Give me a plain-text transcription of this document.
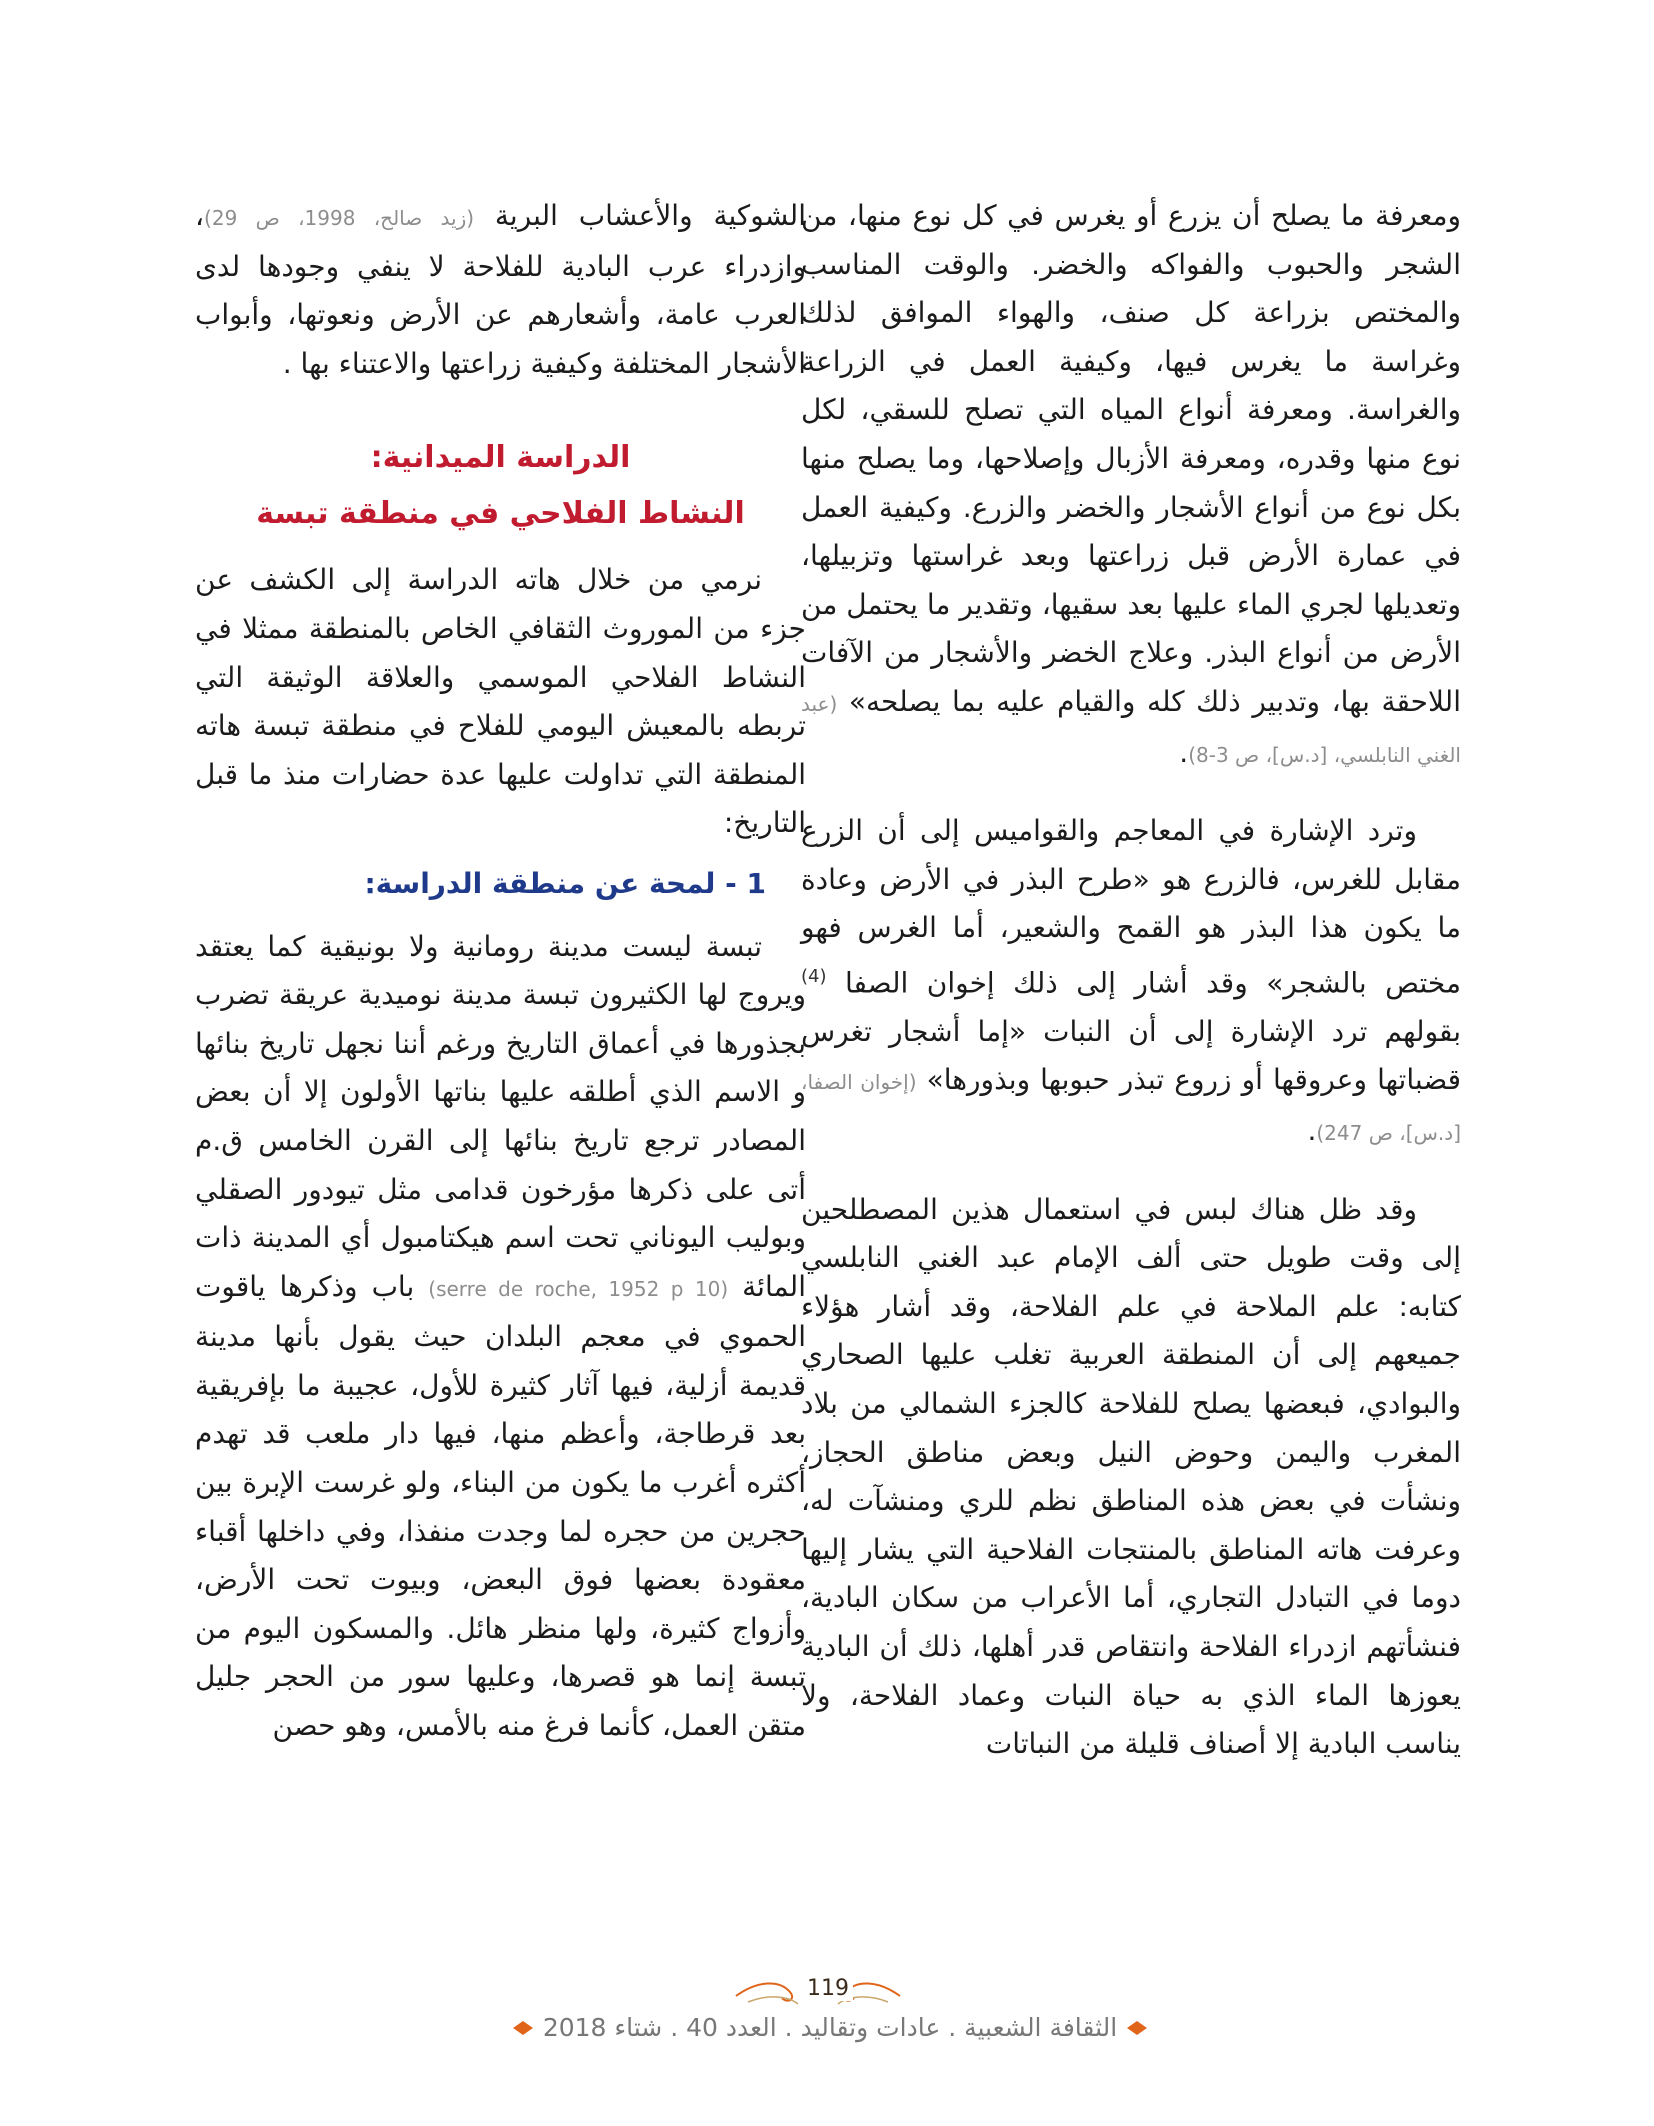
ومعرفة ما يصلح أن يزرع أو يغرس في كل نوع منها، من الشجر والحبوب والفواكه والخضر. والوقت المناسب والمختص بزراعة كل صنف، والهواء الموافق لذلك وغراسة ما يغرس فيها، وكيفية العمل في الزراعة والغراسة. ومعرفة أنواع المياه التي تصلح للسقي، لكل نوع منها وقدره، ومعرفة الأزبال وإصلاحها، وما يصلح منها بكل نوع من أنواع الأشجار والخضر والزرع. وكيفية العمل في عمارة الأرض قبل زراعتها وبعد غراستها وتزبيلها، وتعديلها لجري الماء عليها بعد سقيها، وتقدير ما يحتمل من الأرض من أنواع البذر. وعلاج الخضر والأشجار من الآفات اللاحقة بها، وتدبير ذلك كله والقيام عليه بما يصلحه» (عبد الغني النابلسي، [د.س]، ص 3-8).

وترد الإشارة في المعاجم والقواميس إلى أن الزرع مقابل للغرس، فالزرع هو «طرح البذر في الأرض وعادة ما يكون هذا البذر هو القمح والشعير، أما الغرس فهو مختص بالشجر» وقد أشار إلى ذلك إخوان الصفا $^{(4)}$ بقولهم ترد الإشارة إلى أن النبات «إما أشجار تغرس قضباتها وعروقها أو زروع تبذر حبوبها وبذورها» (إخوان الصفا، [د.س]، ص 247).

وقد ظل هناك لبس في استعمال هذين المصطلحين إلى وقت طويل حتى ألف الإمام عبد الغني النابلسي كتابه: علم الملاحة في علم الفلاحة، وقد أشار هؤلاء جميعهم إلى أن المنطقة العربية تغلب عليها الصحاري والبوادي، فبعضها يصلح للفلاحة كالجزء الشمالي من بلاد المغرب واليمن وحوض النيل وبعض مناطق الحجاز، ونشأت في بعض هذه المناطق نظم للري ومنشآت له، وعرفت هاته المناطق بالمنتجات الفلاحية التي يشار إليها دوما في التبادل التجاري، أما الأعراب من سكان البادية، فنشأتهم ازدراء الفلاحة وانتقاص قدر أهلها، ذلك أن البادية يعوزها الماء الذي به حياة النبات وعماد الفلاحة، ولا يناسب البادية إلا أصناف قليلة من النباتات

الشوكية والأعشاب البرية (زيد صالح، 1998، ص 29)، وازدراء عرب البادية للفلاحة لا ينفي وجودها لدى العرب عامة، وأشعارهم عن الأرض ونعوتها، وأبواب الأشجار المختلفة وكيفية زراعتها والاعتناء بها .

الدراسة الميدانية:

النشاط الفلاحي في منطقة تبسة

نرمي من خلال هاته الدراسة إلى الكشف عن جزء من الموروث الثقافي الخاص بالمنطقة ممثلا في النشاط الفلاحي الموسمي والعلاقة الوثيقة التي تربطه بالمعيش اليومي للفلاح في منطقة تبسة هاته المنطقة التي تداولت عليها عدة حضارات منذ ما قبل التاريخ:

1 - لمحة عن منطقة الدراسة:

تبسة ليست مدينة رومانية ولا بونيقية كما يعتقد ويروج لها الكثيرون تبسة مدينة نوميدية عريقة تضرب بجذورها في أعماق التاريخ ورغم أننا نجهل تاريخ بنائها و الاسم الذي أطلقه عليها بناتها الأولون إلا أن بعض المصادر ترجع تاريخ بنائها إلى القرن الخامس ق.م أتى على ذكرها مؤرخون قدامى مثل تيودور الصقلي وبوليب اليوناني تحت اسم هيكتامبول أي المدينة ذات المائة (serre de roche, 1952 p 10) باب وذكرها ياقوت الحموي في معجم البلدان حيث يقول بأنها مدينة قديمة أزلية، فيها آثار كثيرة للأول، عجيبة ما بإفريقية بعد قرطاجة، وأعظم منها، فيها دار ملعب قد تهدم أكثره أغرب ما يكون من البناء، ولو غرست الإبرة بين حجرين من حجره لما وجدت منفذا، وفي داخلها أقباء معقودة بعضها فوق البعض، وبيوت تحت الأرض، وأزواج كثيرة، ولها منظر هائل. والمسكون اليوم من تبسة إنما هو قصرها، وعليها سور من الحجر جليل متقن العمل، كأنما فرغ منه بالأمس، وهو حصن

119
الثقافة الشعبية . عادات وتقاليد . العدد 40 . شتاء 2018
